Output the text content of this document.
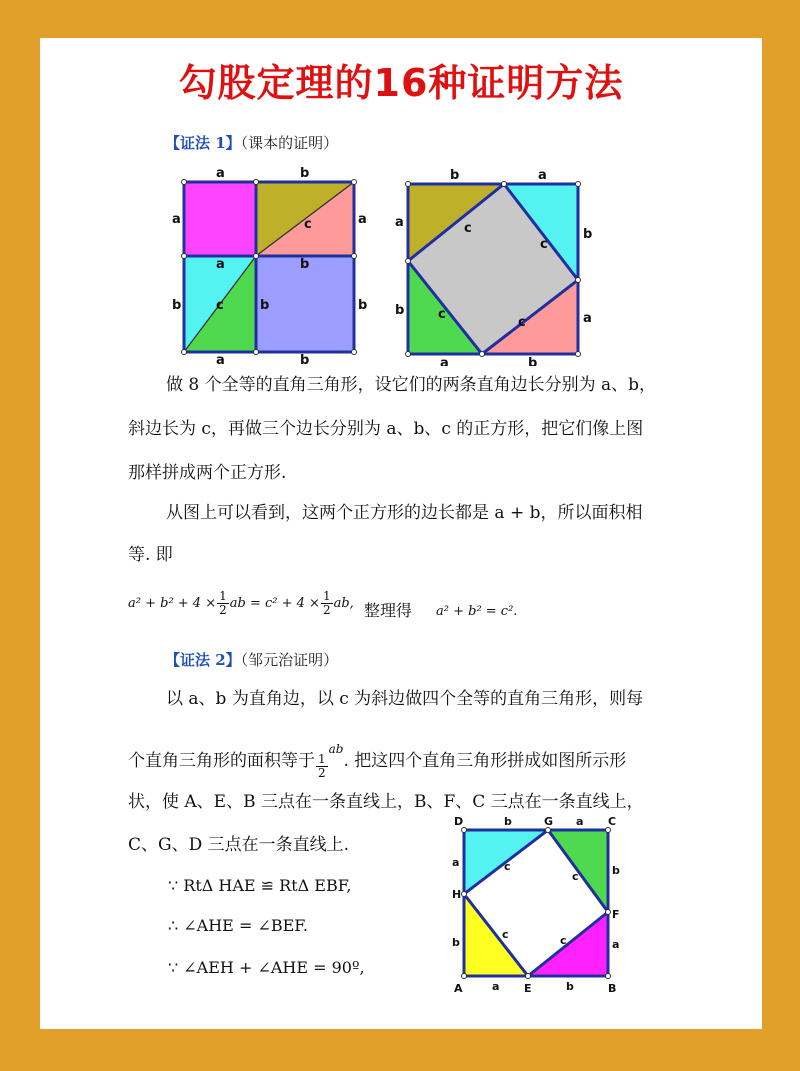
勾股定理的16种证明方法
【证法 1】（课本的证明）
a	b
a	a
c
a	b
b	b	b
c
a	b
b	a
a
b
c
c
c
c
b
a
a	b
做 8 个全等的直角三角形，设它们的两条直角边长分别为 a、b，
斜边长为 c，再做三个边长分别为 a、b、c 的正方形，把它们像上图
那样拼成两个正方形.
从图上可以看到，这两个正方形的边长都是 a + b，所以面积相
等. 即
$a^2 + b^2 + 4 \times \frac{1}{2}$ ab = $c^2 + 4 \times \frac{1}{2}$ ab, 整理得 a² + b² = c².
【证法 2】（邹元治证明）
以 a、b 为直角边，以 c 为斜边做四个全等的直角三角形，则每
个直角三角形的面积等于 $\frac{1}{2}$
$^{ab}$. 把这四个直角三角形拼成如图所示形
状，使 A、E、B 三点在一条直线上，B、F、C 三点在一条直线上，
C、G、D 三点在一条直线上.
∵ RtΔ HAE ≌ RtΔ EBF,
∴ ∠AHE = ∠BEF.
∵ ∠AEH + ∠AHE = 90º,
D	b	G a C
a
b
c
c
H
F
c	c
b	a
A	a E	b	B
